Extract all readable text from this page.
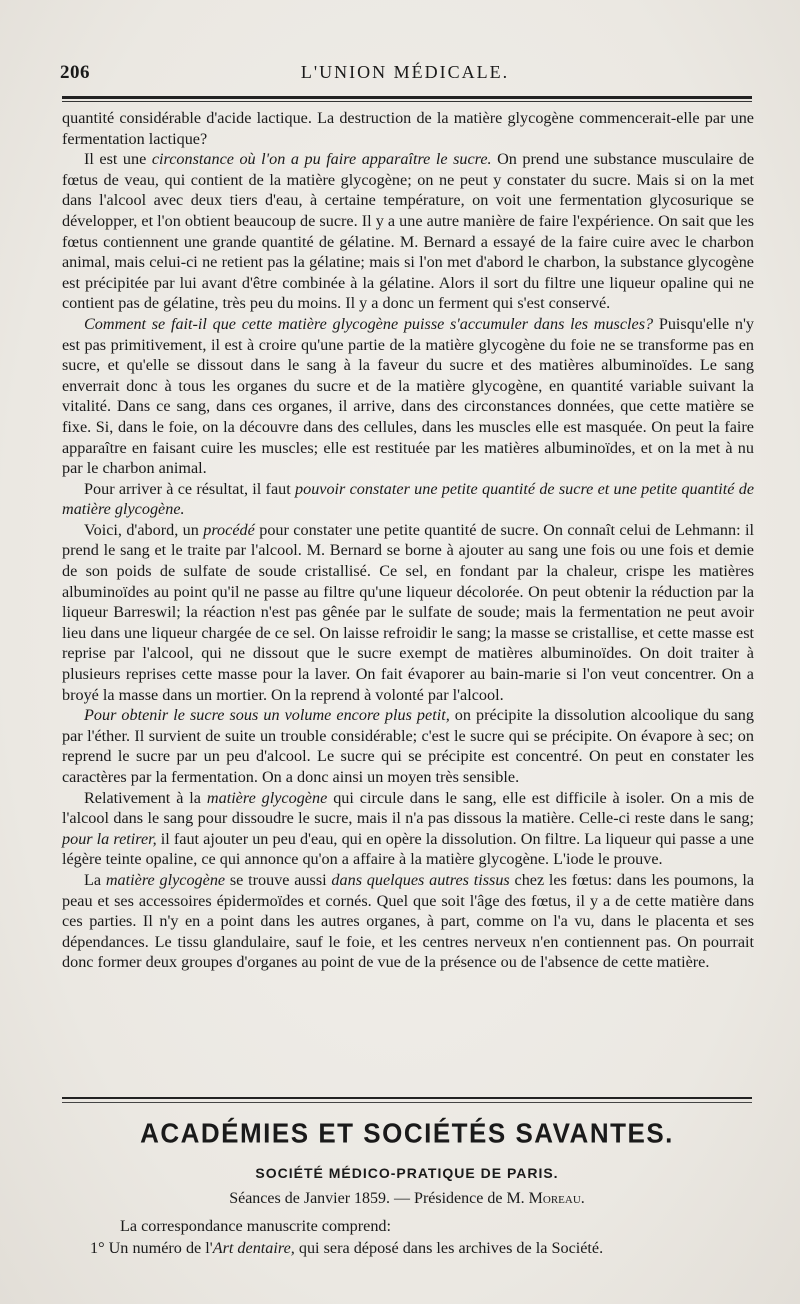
206	L'UNION MÉDICALE.

quantité considérable d'acide lactique. La destruction de la matière glycogène commencerait-elle par une fermentation lactique?

Il est une circonstance où l'on a pu faire apparaître le sucre. On prend une substance musculaire de fœtus de veau, qui contient de la matière glycogène; on ne peut y constater du sucre. Mais si on la met dans l'alcool avec deux tiers d'eau, à certaine température, on voit une fermentation glycosurique se développer, et l'on obtient beaucoup de sucre. Il y a une autre manière de faire l'expérience. On sait que les fœtus contiennent une grande quantité de gélatine. M. Bernard a essayé de la faire cuire avec le charbon animal, mais celui-ci ne retient pas la gélatine; mais si l'on met d'abord le charbon, la substance glycogène est précipitée par lui avant d'être combinée à la gélatine. Alors il sort du filtre une liqueur opaline qui ne contient pas de gélatine, très peu du moins. Il y a donc un ferment qui s'est conservé.

Comment se fait-il que cette matière glycogène puisse s'accumuler dans les muscles? Puisqu'elle n'y est pas primitivement, il est à croire qu'une partie de la matière glycogène du foie ne se transforme pas en sucre, et qu'elle se dissout dans le sang à la faveur du sucre et des matières albuminoïdes. Le sang enverrait donc à tous les organes du sucre et de la matière glycogène, en quantité variable suivant la vitalité. Dans ce sang, dans ces organes, il arrive, dans des circonstances données, que cette matière se fixe. Si, dans le foie, on la découvre dans des cellules, dans les muscles elle est masquée. On peut la faire apparaître en faisant cuire les muscles; elle est restituée par les matières albuminoïdes, et on la met à nu par le charbon animal.

Pour arriver à ce résultat, il faut pouvoir constater une petite quantité de sucre et une petite quantité de matière glycogène.

Voici, d'abord, un procédé pour constater une petite quantité de sucre. On connaît celui de Lehmann: il prend le sang et le traite par l'alcool. M. Bernard se borne à ajouter au sang une fois ou une fois et demie de son poids de sulfate de soude cristallisé. Ce sel, en fondant par la chaleur, crispe les matières albuminoïdes au point qu'il ne passe au filtre qu'une liqueur décolorée. On peut obtenir la réduction par la liqueur Barreswil; la réaction n'est pas gênée par le sulfate de soude; mais la fermentation ne peut avoir lieu dans une liqueur chargée de ce sel. On laisse refroidir le sang; la masse se cristallise, et cette masse est reprise par l'alcool, qui ne dissout que le sucre exempt de matières albuminoïdes. On doit traiter à plusieurs reprises cette masse pour la laver. On fait évaporer au bain-marie si l'on veut concentrer. On a broyé la masse dans un mortier. On la reprend à volonté par l'alcool.

Pour obtenir le sucre sous un volume encore plus petit, on précipite la dissolution alcoolique du sang par l'éther. Il survient de suite un trouble considérable; c'est le sucre qui se précipite. On évapore à sec; on reprend le sucre par un peu d'alcool. Le sucre qui se précipite est concentré. On peut en constater les caractères par la fermentation. On a donc ainsi un moyen très sensible.

Relativement à la matière glycogène qui circule dans le sang, elle est difficile à isoler. On a mis de l'alcool dans le sang pour dissoudre le sucre, mais il n'a pas dissous la matière. Celle-ci reste dans le sang; pour la retirer, il faut ajouter un peu d'eau, qui en opère la dissolution. On filtre. La liqueur qui passe a une légère teinte opaline, ce qui annonce qu'on a affaire à la matière glycogène. L'iode le prouve.

La matière glycogène se trouve aussi dans quelques autres tissus chez les fœtus: dans les poumons, la peau et ses accessoires épidermoïdes et cornés. Quel que soit l'âge des fœtus, il y a de cette matière dans ces parties. Il n'y en a point dans les autres organes, à part, comme on l'a vu, dans le placenta et ses dépendances. Le tissu glandulaire, sauf le foie, et les centres nerveux n'en contiennent pas. On pourrait donc former deux groupes d'organes au point de vue de la présence ou de l'absence de cette matière.

ACADÉMIES ET SOCIÉTÉS SAVANTES.
SOCIÉTÉ MÉDICO-PRATIQUE DE PARIS.
Séances de Janvier 1859. — Présidence de M. Moreau.

La correspondance manuscrite comprend:

1° Un numéro de l'Art dentaire, qui sera déposé dans les archives de la Société.
